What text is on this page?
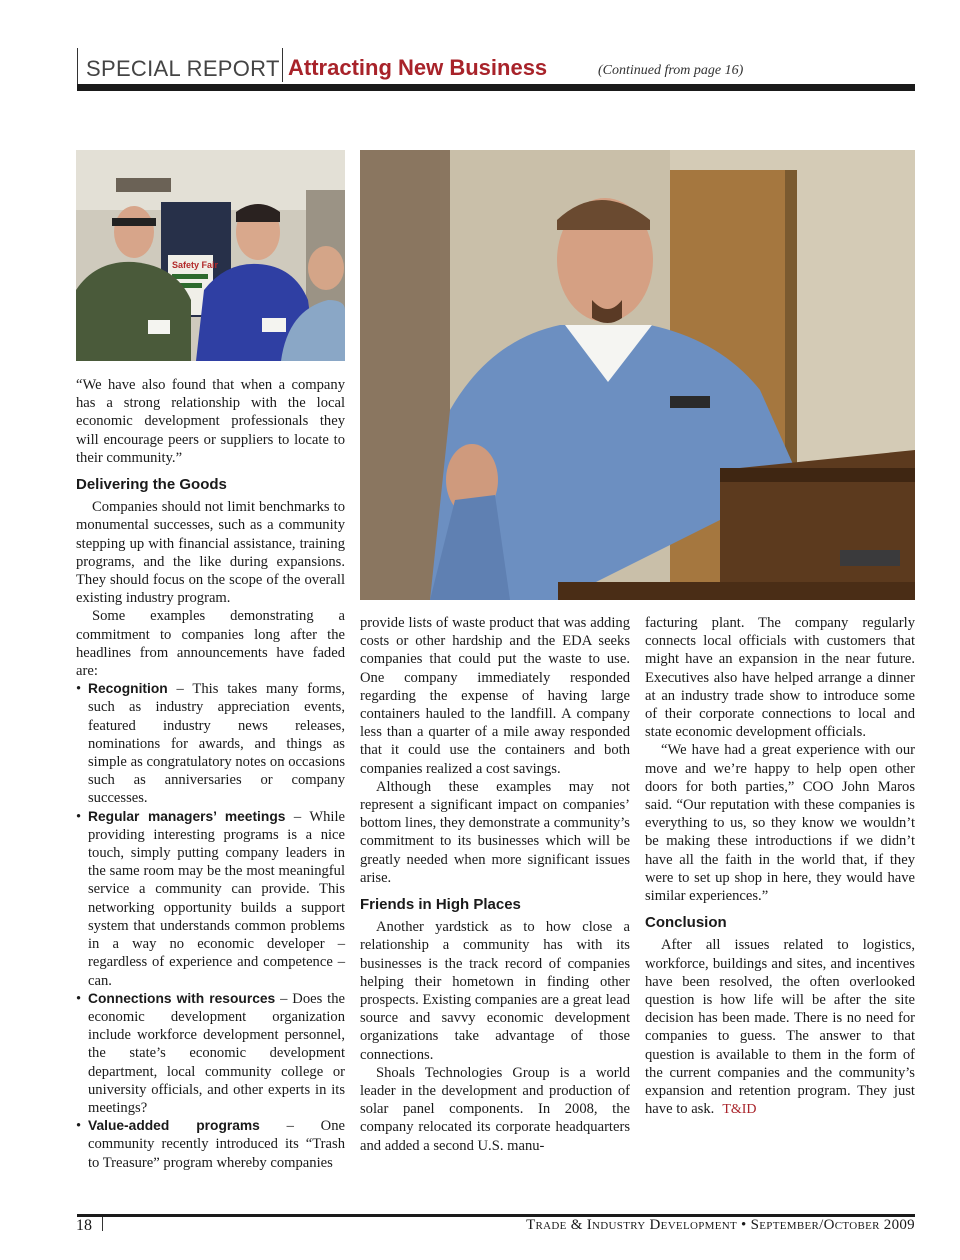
SPECIAL REPORT Attracting New Business	(Continued from page 16)
Safety Fair

“We have also found that when a company has a strong relationship with the local economic development professionals they will encourage peers or suppliers to locate to their community.”

Delivering the Goods

Companies should not limit benchmarks to monumental successes, such as a community stepping up with financial assistance, training programs, and the like during expansions. They should focus on the scope of the overall existing industry program.

Some examples demonstrating a commitment to companies long after the headlines from announcements have faded are:

• Recognition – This takes many forms, such as industry appreciation events, featured industry news releases, nominations for awards, and things as simple as congratulatory notes on occasions such as anniversaries or company successes.
• Regular managers’ meetings – While providing interesting programs is a nice touch, simply putting company leaders in the same room may be the most meaningful service a community can provide. This networking opportunity builds a support system that understands common problems in a way no economic developer – regardless of experience and competence – can.
• Connections with resources – Does the economic development organization include workforce development personnel, the state’s economic development department, local community college or university officials, and other experts in its meetings?
• Value-added programs – One community recently introduced its “Trash to Treasure” program whereby companies

provide lists of waste product that was adding costs or other hardship and the EDA seeks companies that could put the waste to use. One company immediately responded regarding the expense of having large containers hauled to the landfill. A company less than a quarter of a mile away responded that it could use the containers and both companies realized a cost savings.

Although these examples may not represent a significant impact on companies’ bottom lines, they demonstrate a community’s commitment to its businesses which will be greatly needed when more significant issues arise.

Friends in High Places

Another yardstick as to how close a relationship a community has with its businesses is the track record of companies helping their hometown in finding other prospects. Existing companies are a great lead source and savvy economic development organizations take advantage of those connections.

Shoals Technologies Group is a world leader in the development and production of solar panel components. In 2008, the company relocated its corporate headquarters and added a second U.S. manu-

facturing plant. The company regularly connects local officials with customers that might have an expansion in the near future. Executives also have helped arrange a dinner at an industry trade show to introduce some of their corporate connections to local and state economic development officials.

“We have had a great experience with our move and we’re happy to help open other doors for both parties,” COO John Maros said. “Our reputation with these companies is everything to us, so they know we wouldn’t be making these introductions if we didn’t have all the faith in the world that, if they were to set up shop in here, they would have similar experiences.”

Conclusion

After all issues related to logistics, workforce, buildings and sites, and incentives have been resolved, the often overlooked question is how life will be after the site decision has been made. There is no need for companies to guess. The answer to that question is available to them in the form of the current companies and the community’s expansion and retention program. They just have to ask. T&ID

18	Trade & Industry Development • September/October 2009
